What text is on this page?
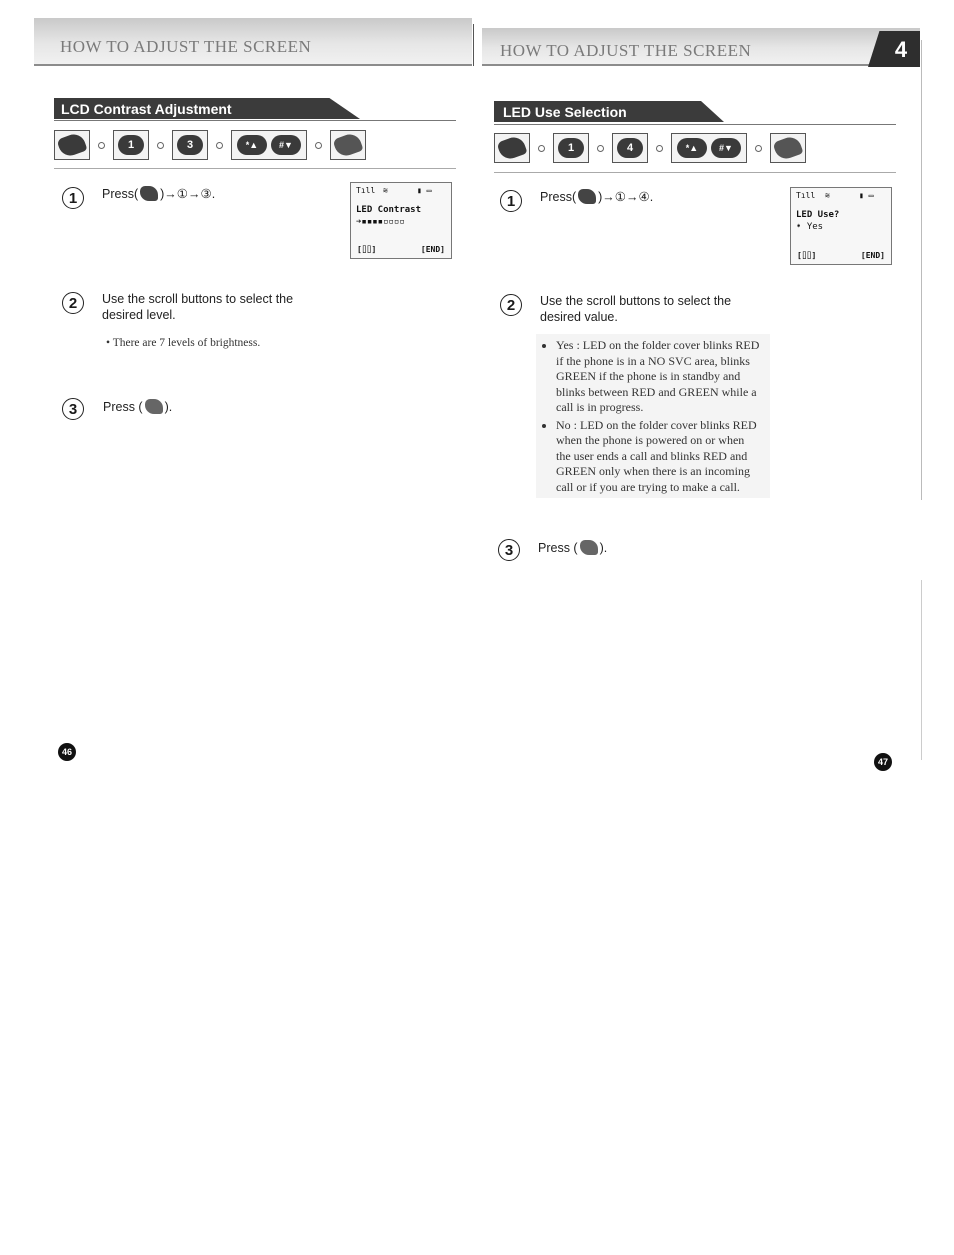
HOW TO ADJUST THE SCREEN
LCD Contrast Adjustment
1	3	*▲	#▼
1	Press( )→①→③.	Tıll ≋	▮ ▭
LED Contrast
➔▪▪▪▪▫▫▫▫
[⌷⌷]	[END]
2	Use the scroll buttons to select the desired level.
• There are 7 levels of brightness.
3	Press ( ).
46
HOW TO ADJUST THE SCREEN	4
LED Use Selection
1	4	*▲	#▼
1	Press( )→①→④.	Tıll ≋	▮ ▭
LED Use?
➧ Yes
[⌷⌷]	[END]
2	Use the scroll buttons to select the desired value.
• Yes : LED on the folder cover blinks RED if the phone is in a NO SVC area, blinks GREEN if the phone is in standby and blinks between RED and GREEN while a call is in progress.
• No : LED on the folder cover blinks RED when the phone is powered on or when the user ends a call and blinks RED and GREEN only when there is an incoming call or if you are trying to make a call.
3	Press ( ).
47
